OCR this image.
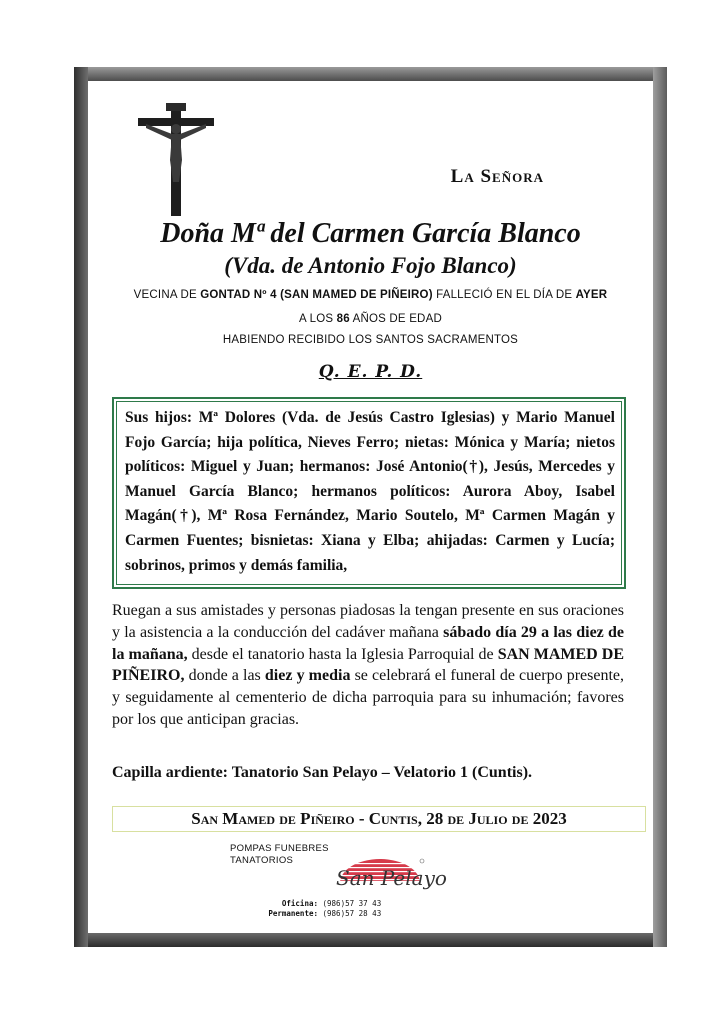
La Señora
Doña Mª del Carmen García Blanco
(Vda. de Antonio Fojo Blanco)
VECINA DE GONTAD Nº 4 (SAN MAMED DE PIÑEIRO) FALLECIÓ EN EL DÍA DE AYER
A LOS 86 AÑOS DE EDAD
HABIENDO RECIBIDO LOS SANTOS SACRAMENTOS
Q. E. P. D.
Sus hijos: Mª Dolores (Vda. de Jesús Castro Iglesias) y Mario Manuel Fojo García; hija política, Nieves Ferro; nietas: Mónica y María; nietos políticos: Miguel y Juan; hermanos: José Antonio(†), Jesús, Mercedes y Manuel García Blanco; hermanos políticos: Aurora Aboy, Isabel Magán(†), Mª Rosa Fernández, Mario Soutelo, Mª Carmen Magán y Carmen Fuentes; bisnietas: Xiana y Elba; ahijadas: Carmen y Lucía; sobrinos, primos y demás familia,
Ruegan a sus amistades y personas piadosas la tengan presente en sus oraciones y la asistencia a la conducción del cadáver mañana sábado día 29 a las diez de la mañana, desde el tanatorio hasta la Iglesia Parroquial de SAN MAMED DE PIÑEIRO, donde a las diez y media se celebrará el funeral de cuerpo presente, y seguidamente al cementerio de dicha parroquia para su inhumación; favores por los que anticipan gracias.
Capilla ardiente: Tanatorio San Pelayo – Velatorio 1 (Cuntis).
San Mamed de Piñeiro - Cuntis, 28 de Julio de 2023
POMPAS FUNEBRES
TANATORIOS
San Pelayo
Oficina: (986)57 37 43
Permanente: (986)57 28 43
